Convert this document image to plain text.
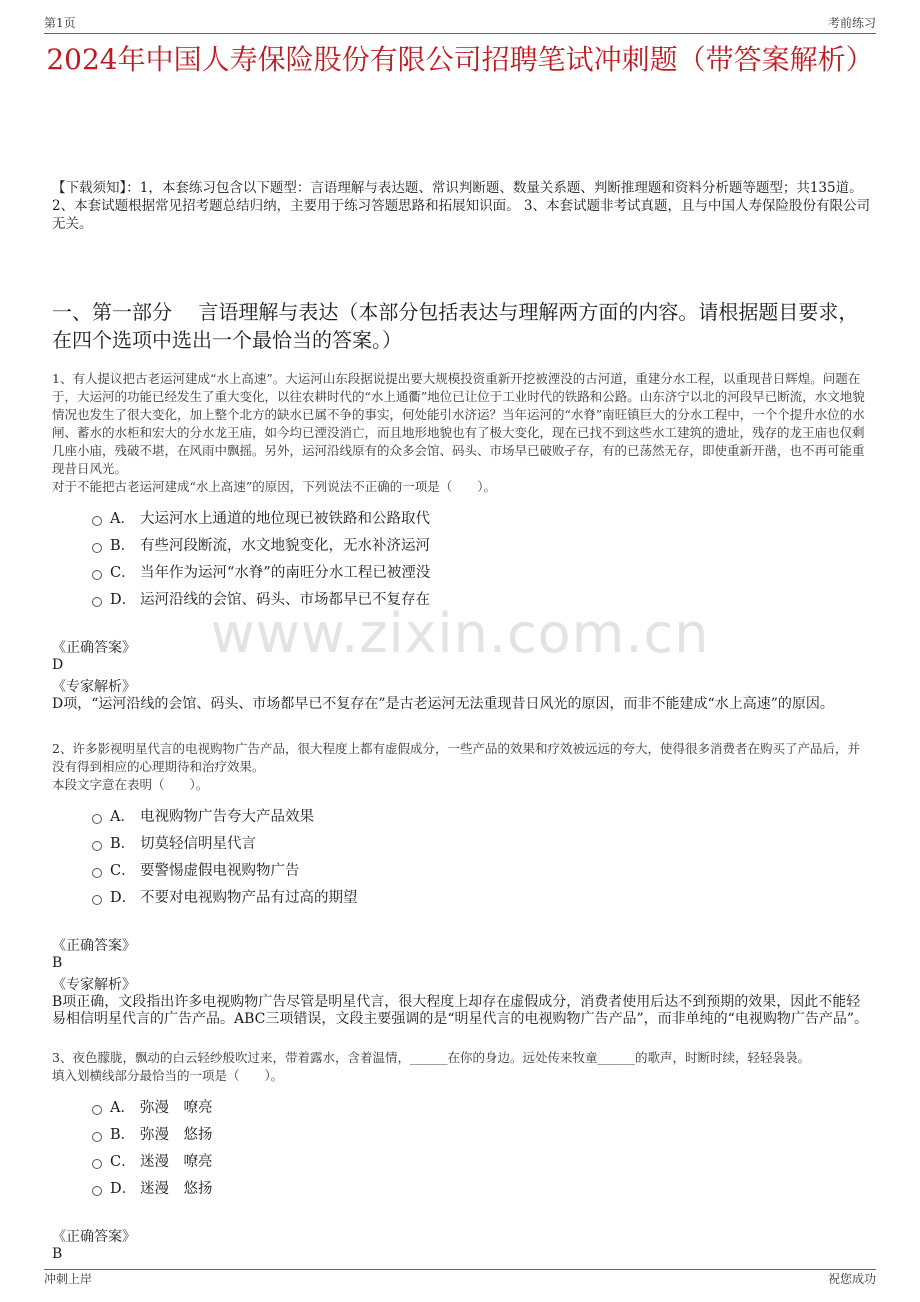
第1页	考前练习
2024年中国人寿保险股份有限公司招聘笔试冲刺题（带答案解析）
【下载须知】：1，本套练习包含以下题型：言语理解与表达题、常识判断题、数量关系题、判断推理题和资料分析题等题型；共135道。 2、本套试题根据常见招考题总结归纳，主要用于练习答题思路和拓展知识面。 3、本套试题非考试真题，且与中国人寿保险股份有限公司无关。
一、第一部分　 言语理解与表达（本部分包括表达与理解两方面的内容。请根据题目要求，在四个选项中选出一个最恰当的答案。）
www.zixin.com.cn
1、有人提议把古老运河建成“水上高速”。大运河山东段据说提出要大规模投资重新开挖被湮没的古河道，重建分水工程，以重现昔日辉煌。问题在于，大运河的功能已经发生了重大变化，以往农耕时代的“水上通衢”地位已让位于工业时代的铁路和公路。山东济宁以北的河段早已断流，水文地貌情况也发生了很大变化，加上整个北方的缺水已属不争的事实，何处能引水济运？当年运河的“水脊”南旺镇巨大的分水工程中，一个个提升水位的水闸、蓄水的水柜和宏大的分水龙王庙，如今均已湮没消亡，而且地形地貌也有了极大变化，现在已找不到这些水工建筑的遗址，残存的龙王庙也仅剩几座小庙，残破不堪，在风雨中飘摇。另外，运河沿线原有的众多会馆、码头、市场早已破败孑存，有的已荡然无存，即使重新开凿，也不再可能重现昔日风光。
对于不能把古老运河建成“水上高速”的原因，下列说法不正确的一项是（　　）。
A． 大运河水上通道的地位现已被铁路和公路取代
B． 有些河段断流，水文地貌变化，无水补济运河
C． 当年作为运河“水脊”的南旺分水工程已被湮没
D． 运河沿线的会馆、码头、市场都早已不复存在
《正确答案》
D
《专家解析》
D项，“运河沿线的会馆、码头、市场都早已不复存在”是古老运河无法重现昔日风光的原因，而非不能建成“水上高速”的原因。
2、许多影视明星代言的电视购物广告产品，很大程度上都有虚假成分，一些产品的效果和疗效被远远的夸大，使得很多消费者在购买了产品后，并没有得到相应的心理期待和治疗效果。
本段文字意在表明（　　）。
A． 电视购物广告夸大产品效果
B． 切莫轻信明星代言
C． 要警惕虚假电视购物广告
D． 不要对电视购物产品有过高的期望
《正确答案》
B
《专家解析》
B项正确，文段指出许多电视购物广告尽管是明星代言，很大程度上却存在虚假成分，消费者使用后达不到预期的效果，因此不能轻易相信明星代言的广告产品。ABC三项错误，文段主要强调的是“明星代言的电视购物广告产品”，而非单纯的“电视购物广告产品”。
3、夜色朦胧，飘动的白云轻纱般吹过来，带着露水，含着温情，______在你的身边。远处传来牧童______的歌声，时断时续，轻轻袅袅。
填入划横线部分最恰当的一项是（　　）。
A． 弥漫　嘹亮
B． 弥漫　悠扬
C． 迷漫　嘹亮
D． 迷漫　悠扬
《正确答案》
B
冲刺上岸	祝您成功
